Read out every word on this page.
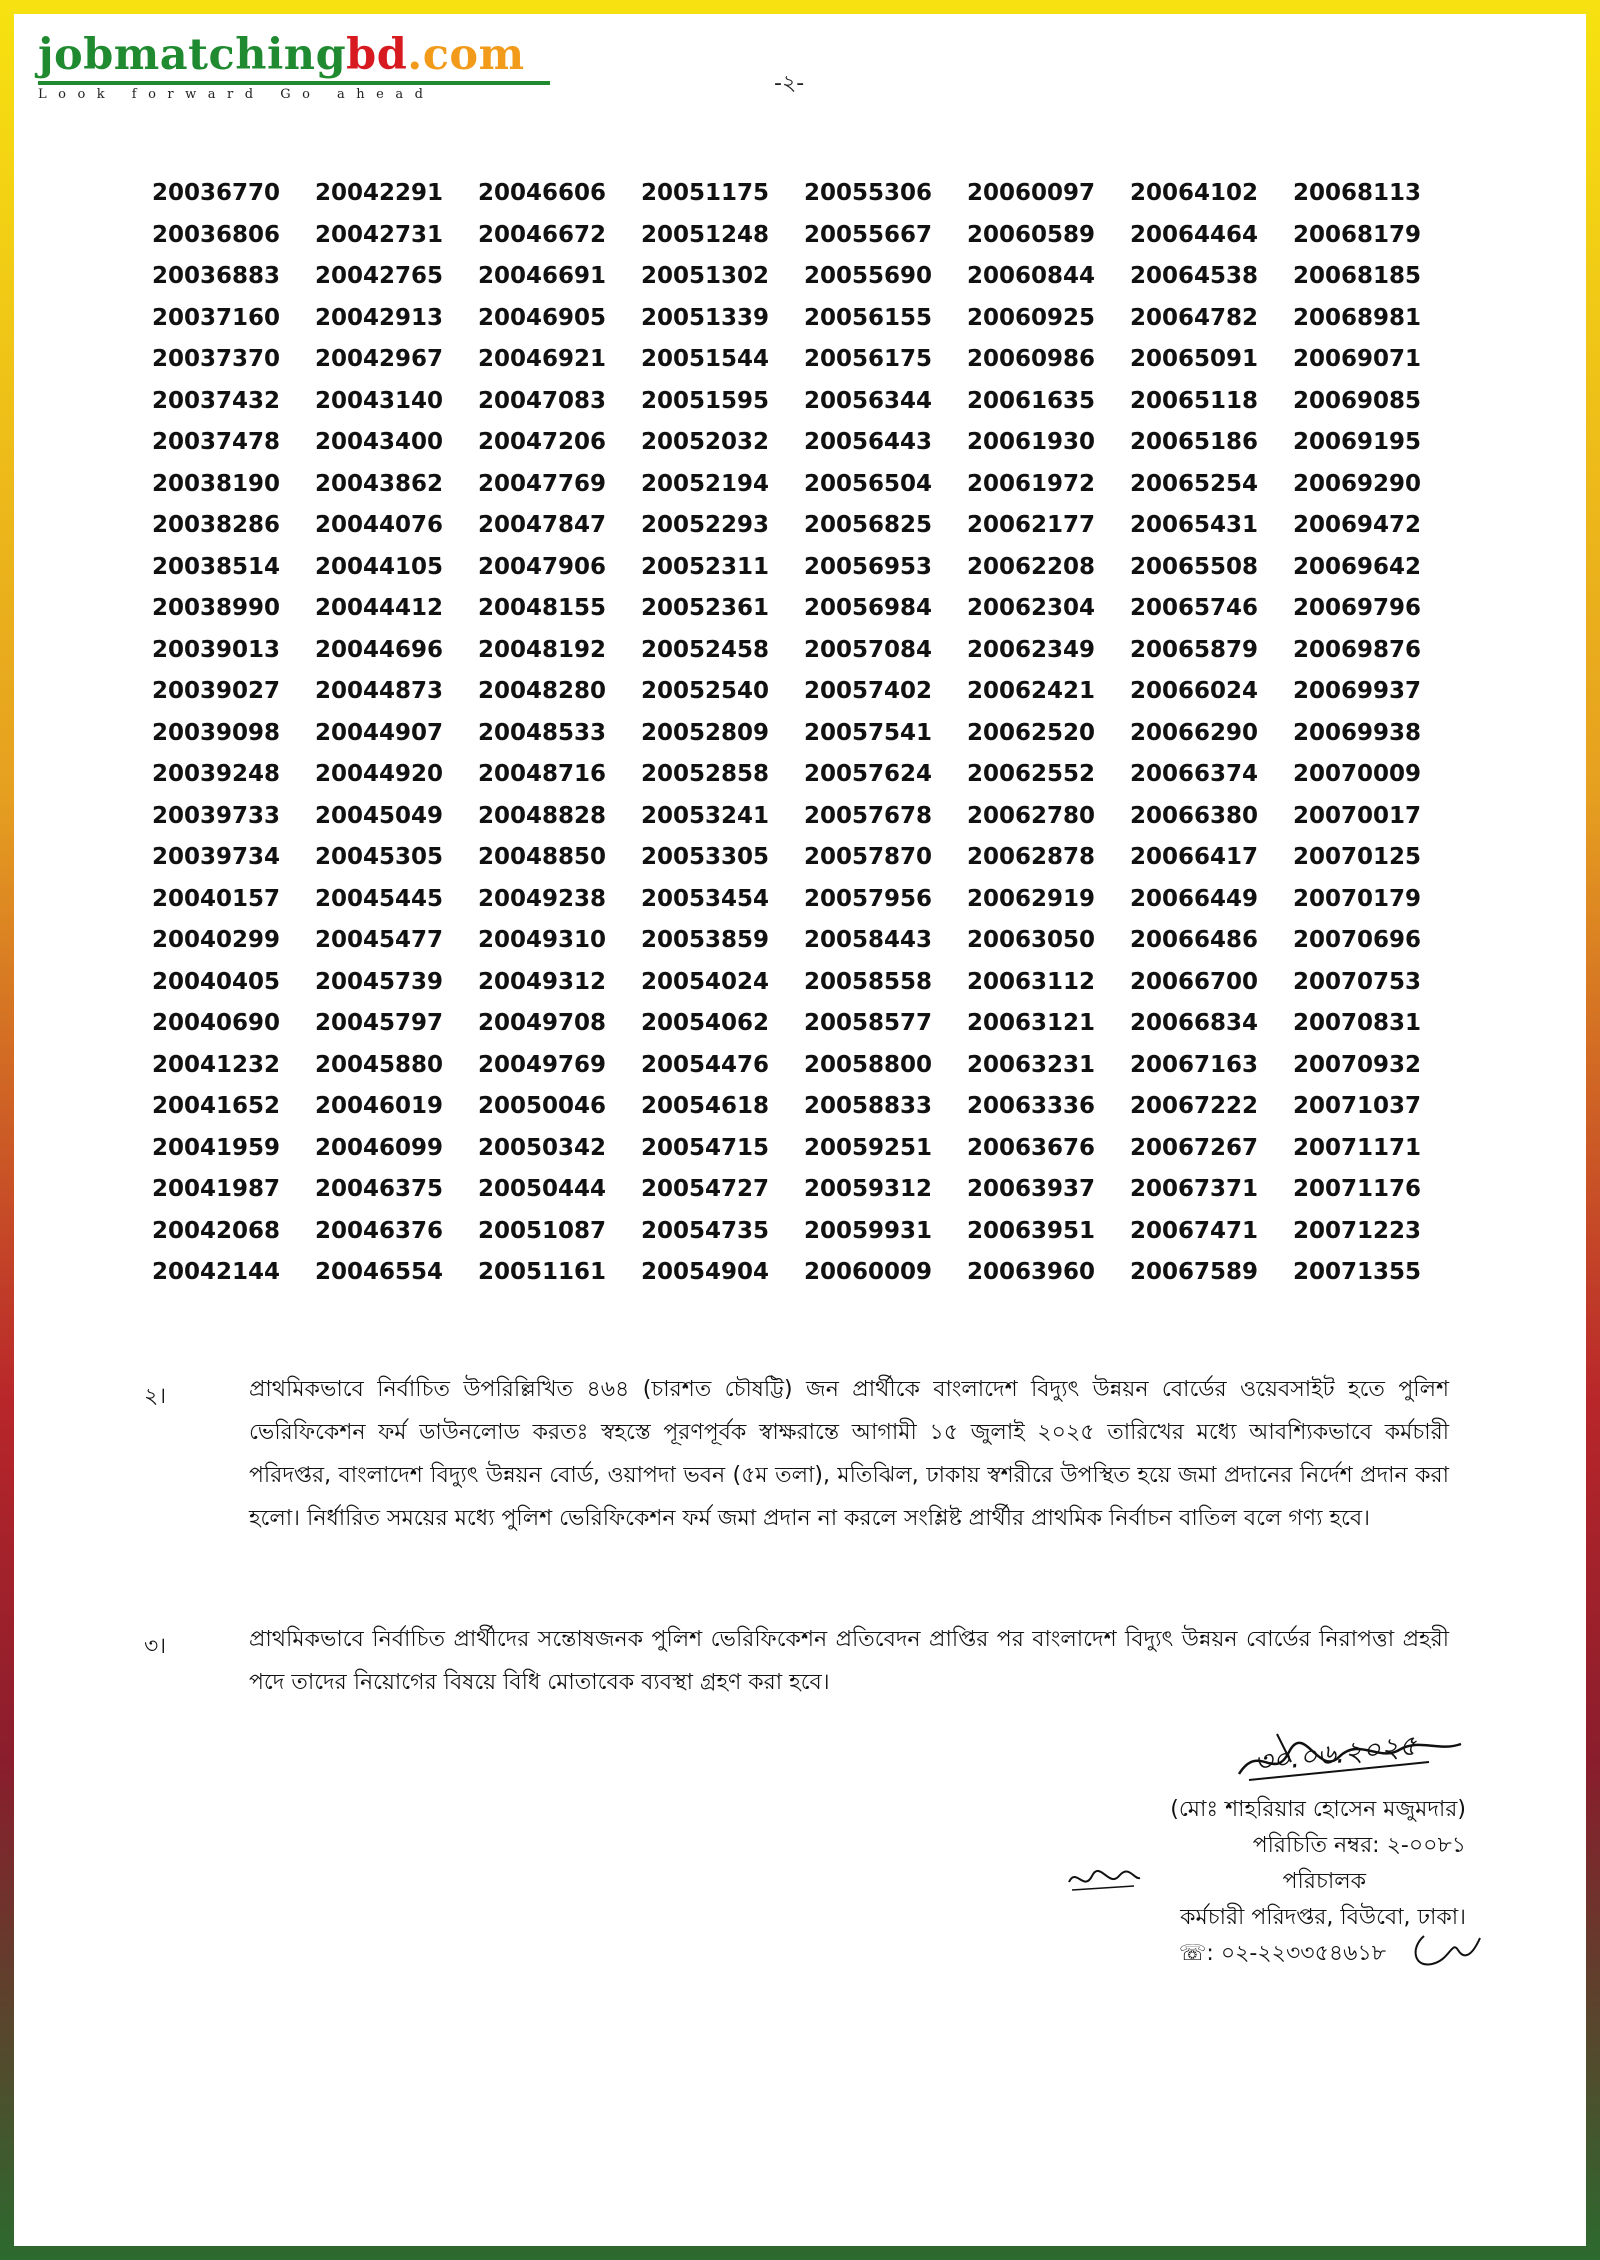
jobmatchingbd.com
Look forward Go ahead	-২-
20036770	20042291	20046606	20051175	20055306	20060097	20064102	20068113
20036806	20042731	20046672	20051248	20055667	20060589	20064464	20068179
20036883	20042765	20046691	20051302	20055690	20060844	20064538	20068185
20037160	20042913	20046905	20051339	20056155	20060925	20064782	20068981
20037370	20042967	20046921	20051544	20056175	20060986	20065091	20069071
20037432	20043140	20047083	20051595	20056344	20061635	20065118	20069085
20037478	20043400	20047206	20052032	20056443	20061930	20065186	20069195
20038190	20043862	20047769	20052194	20056504	20061972	20065254	20069290
20038286	20044076	20047847	20052293	20056825	20062177	20065431	20069472
20038514	20044105	20047906	20052311	20056953	20062208	20065508	20069642
20038990	20044412	20048155	20052361	20056984	20062304	20065746	20069796
20039013	20044696	20048192	20052458	20057084	20062349	20065879	20069876
20039027	20044873	20048280	20052540	20057402	20062421	20066024	20069937
20039098	20044907	20048533	20052809	20057541	20062520	20066290	20069938
20039248	20044920	20048716	20052858	20057624	20062552	20066374	20070009
20039733	20045049	20048828	20053241	20057678	20062780	20066380	20070017
20039734	20045305	20048850	20053305	20057870	20062878	20066417	20070125
20040157	20045445	20049238	20053454	20057956	20062919	20066449	20070179
20040299	20045477	20049310	20053859	20058443	20063050	20066486	20070696
20040405	20045739	20049312	20054024	20058558	20063112	20066700	20070753
20040690	20045797	20049708	20054062	20058577	20063121	20066834	20070831
20041232	20045880	20049769	20054476	20058800	20063231	20067163	20070932
20041652	20046019	20050046	20054618	20058833	20063336	20067222	20071037
20041959	20046099	20050342	20054715	20059251	20063676	20067267	20071171
20041987	20046375	20050444	20054727	20059312	20063937	20067371	20071176
20042068	20046376	20051087	20054735	20059931	20063951	20067471	20071223
20042144	20046554	20051161	20054904	20060009	20063960	20067589	20071355
২।	প্রাথমিকভাবে নির্বাচিত উপরিল্লিখিত ৪৬৪ (চারশত চৌষট্টি) জন প্রার্থীকে বাংলাদেশ বিদ্যুৎ উন্নয়ন বোর্ডের ওয়েবসাইট হতে পুলিশ ভেরিফিকেশন ফর্ম ডাউনলোড করতঃ স্বহস্তে পূরণপূর্বক স্বাক্ষরান্তে আগামী ১৫ জুলাই ২০২৫ তারিখের মধ্যে আবশ্যিকভাবে কর্মচারী পরিদপ্তর, বাংলাদেশ বিদ্যুৎ উন্নয়ন বোর্ড, ওয়াপদা ভবন (৫ম তলা), মতিঝিল, ঢাকায় স্বশরীরে উপস্থিত হয়ে জমা প্রদানের নির্দেশ প্রদান করা হলো। নির্ধারিত সময়ের মধ্যে পুলিশ ভেরিফিকেশন ফর্ম জমা প্রদান না করলে সংশ্লিষ্ট প্রার্থীর প্রাথমিক নির্বাচন বাতিল বলে গণ্য হবে।
৩।	প্রাথমিকভাবে নির্বাচিত প্রার্থীদের সন্তোষজনক পুলিশ ভেরিফিকেশন প্রতিবেদন প্রাপ্তির পর বাংলাদেশ বিদ্যুৎ উন্নয়ন বোর্ডের নিরাপত্তা প্রহরী পদে তাদের নিয়োগের বিষয়ে বিধি মোতাবেক ব্যবস্থা গ্রহণ করা হবে।
৩০.০৬.২০২৫
(মোঃ শাহরিয়ার হোসেন মজুমদার)
পরিচিতি নম্বর: ২-০০৮১
পরিচালক
কর্মচারী পরিদপ্তর, বিউবো, ঢাকা।
☏: ০২-২২৩৩৫৪৬১৮
